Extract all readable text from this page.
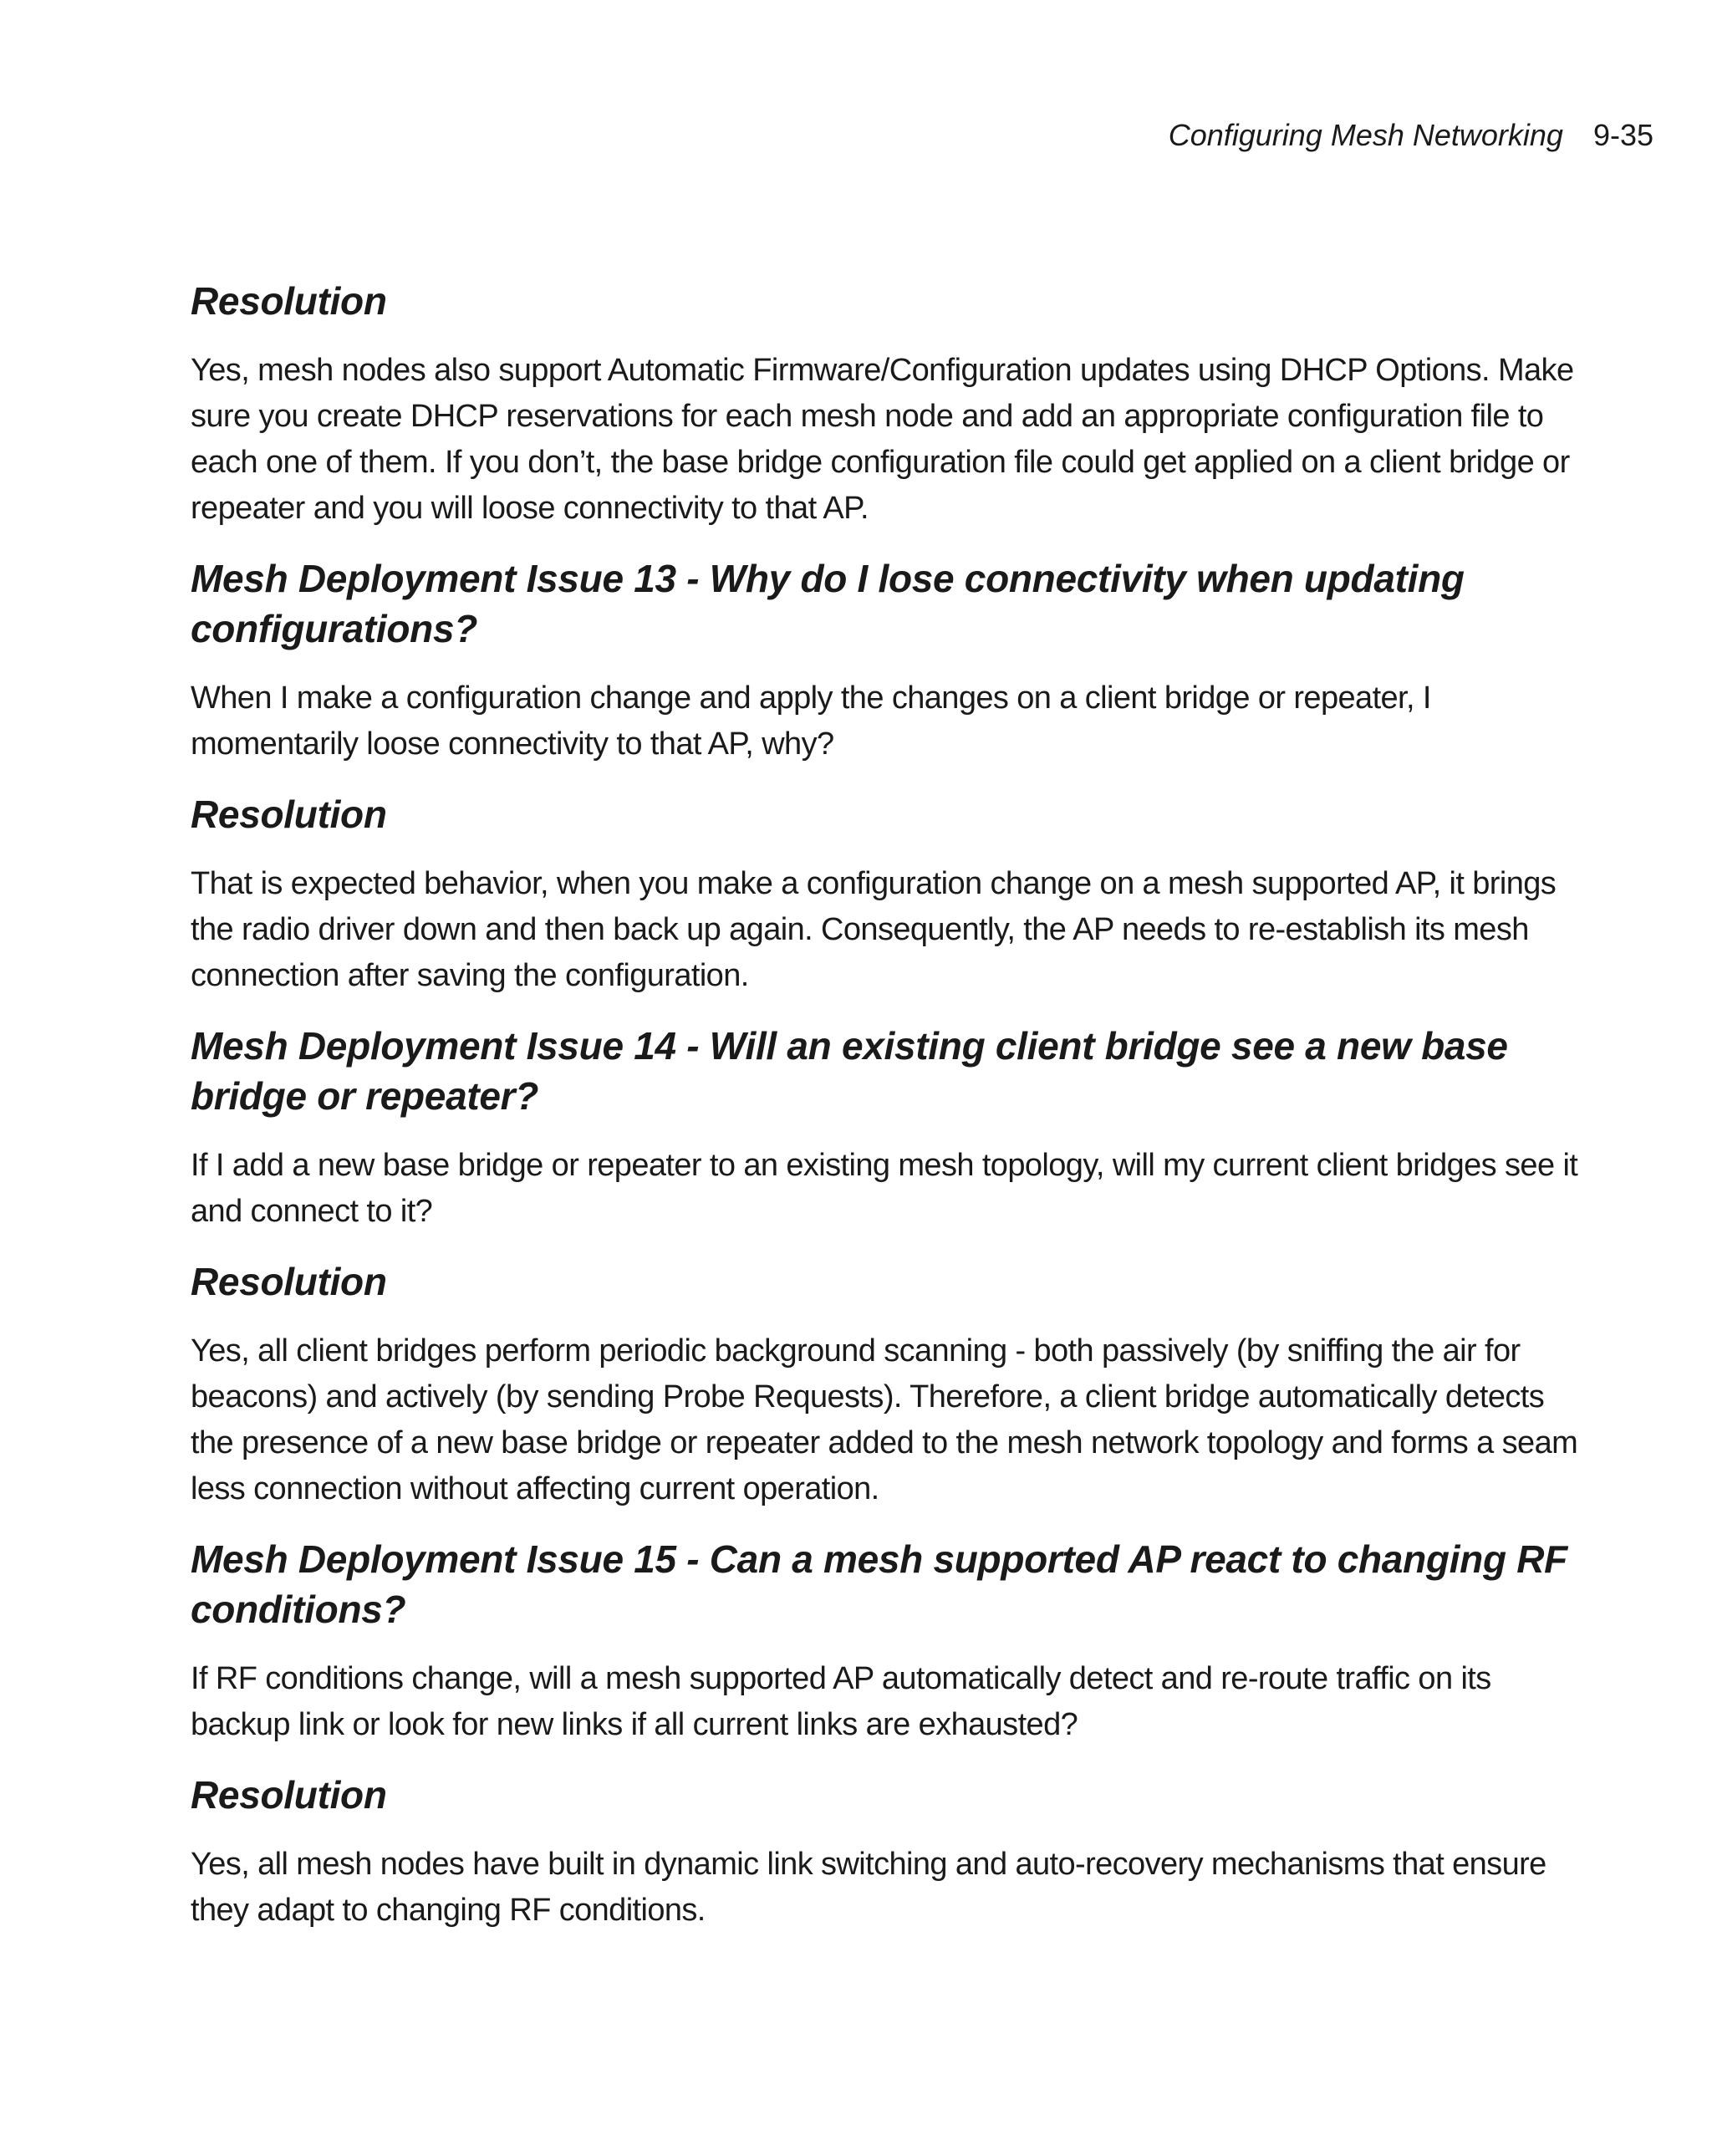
Configuring Mesh Networking 9-35
Resolution

Yes, mesh nodes also support Automatic Firmware/Configuration updates using DHCP Options. Make sure you create DHCP reservations for each mesh node and add an appropriate configuration file to each one of them. If you don’t, the base bridge configuration file could get applied on a client bridge or repeater and you will loose connectivity to that AP.

Mesh Deployment Issue 13 - Why do I lose connectivity when updating configurations?

When I make a configuration change and apply the changes on a client bridge or repeater, I momentarily loose connectivity to that AP, why?

Resolution

That is expected behavior, when you make a configuration change on a mesh supported AP, it brings the radio driver down and then back up again. Consequently, the AP needs to re-establish its mesh connection after saving the configuration.

Mesh Deployment Issue 14 - Will an existing client bridge see a new base bridge or repeater?

If I add a new base bridge or repeater to an existing mesh topology, will my current client bridges see it and connect to it?

Resolution

Yes, all client bridges perform periodic background scanning - both passively (by sniffing the air for beacons) and actively (by sending Probe Requests). Therefore, a client bridge automatically detects the presence of a new base bridge or repeater added to the mesh network topology and forms a seam less connection without affecting current operation.

Mesh Deployment Issue 15 - Can a mesh supported AP react to changing RF conditions?

If RF conditions change, will a mesh supported AP automatically detect and re-route traffic on its backup link or look for new links if all current links are exhausted?

Resolution

Yes, all mesh nodes have built in dynamic link switching and auto-recovery mechanisms that ensure they adapt to changing RF conditions.
